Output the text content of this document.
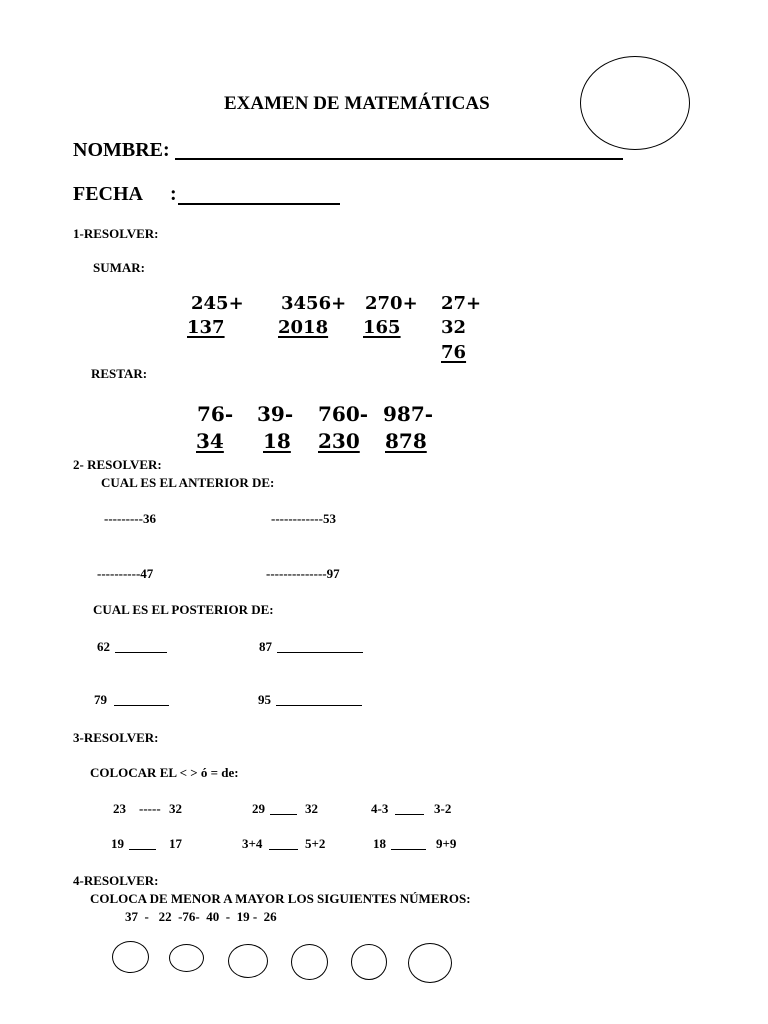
EXAMEN DE MATEMÁTICAS
NOMBRE:
FECHA :
1-RESOLVER:
SUMAR:
245+
137
3456+
2018
270+
165
27+
32
76
RESTAR:
76-
34
39-
18
760-
230
987-
878
2- RESOLVER:
CUAL ES EL ANTERIOR DE:
---------36	------------53
----------47	--------------97
CUAL ES EL POSTERIOR DE:
62	87
79	95
3-RESOLVER:
COLOCAR EL < > ó = de:
23 ----- 32	29	32	4-3	3-2
19	17	3+4	5+2	18	9+9
4-RESOLVER:
COLOCA DE MENOR A MAYOR LOS SIGUIENTES NÚMEROS:
37  -   22  -76-  40  -  19 -  26
